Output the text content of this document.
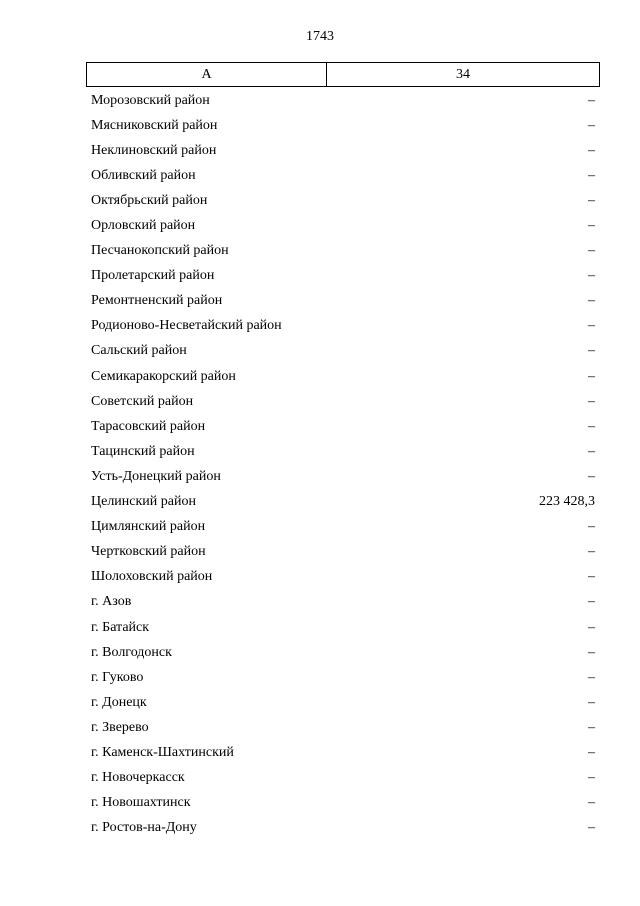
1743
А	34
Морозовский район	–
Мясниковский район	–
Неклиновский район	–
Обливский район	–
Октябрьский район	–
Орловский район	–
Песчанокопский район	–
Пролетарский район	–
Ремонтненский район	–
Родионово-Несветайский район	–
Сальский район	–
Семикаракорский район	–
Советский район	–
Тарасовский район	–
Тацинский район	–
Усть-Донецкий район	–
Целинский район	223 428,3
Цимлянский район	–
Чертковский район	–
Шолоховский район	–
г. Азов	–
г. Батайск	–
г. Волгодонск	–
г. Гуково	–
г. Донецк	–
г. Зверево	–
г. Каменск-Шахтинский	–
г. Новочеркасск	–
г. Новошахтинск	–
г. Ростов-на-Дону	–
